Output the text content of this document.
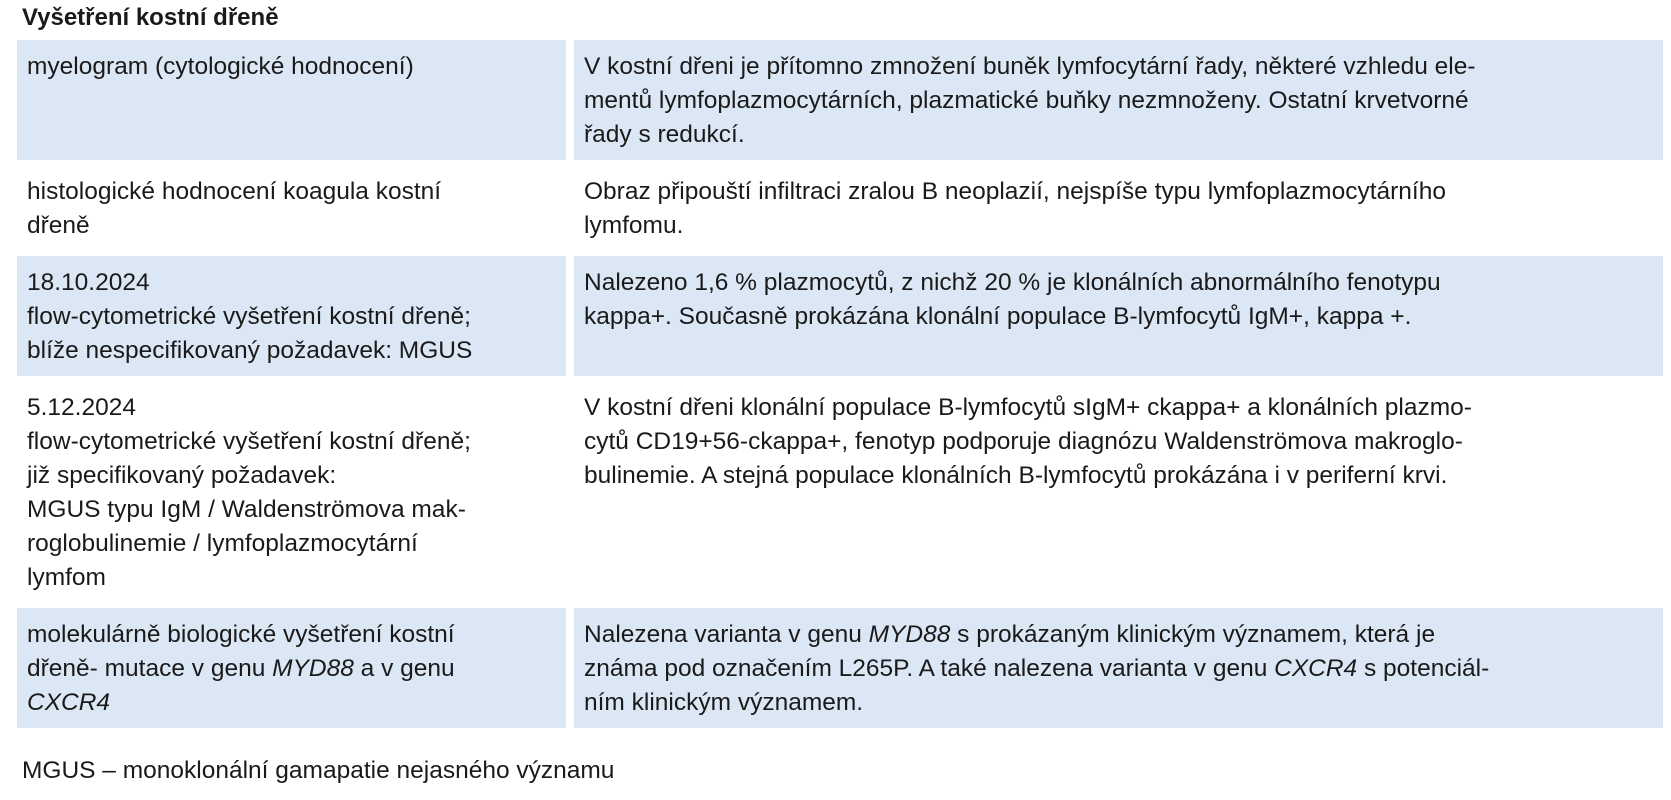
Vyšetření kostní dřeně
myelogram (cytologické hodnocení)	V kostní dřeni je přítomno zmnožení buněk lymfocytární řady, některé vzhledu ele-
mentů lymfoplazmocytárních, plazmatické buňky nezmnoženy. Ostatní krvetvorné
řady s redukcí.
histologické hodnocení koagula kostní
dřeně
Obraz připouští infiltraci zralou B neoplazií, nejspíše typu lymfoplazmocytárního
lymfomu.
18.10.2024
flow-cytometrické vyšetření kostní dřeně;
blíže nespecifikovaný požadavek: MGUS
Nalezeno 1,6 % plazmocytů, z nichž 20 % je klonálních abnormálního fenotypu
kappa+. Současně prokázána klonální populace B-lymfocytů IgM+, kappa +.
5.12.2024
flow-cytometrické vyšetření kostní dřeně;
již specifikovaný požadavek:
MGUS typu IgM / Waldenströmova mak-
roglobulinemie / lymfoplazmocytární
lymfom
V kostní dřeni klonální populace B-lymfocytů sIgM+ ckappa+ a klonálních plazmo-
cytů CD19+56-ckappa+, fenotyp podporuje diagnózu Waldenströmova makroglo-
bulinemie. A stejná populace klonálních B-lymfocytů prokázána i v periferní krvi.
molekulárně biologické vyšetření kostní
dřeně- mutace v genu MYD88 a v genu
CXCR4
Nalezena varianta v genu MYD88 s prokázaným klinickým významem, která je
známa pod označením L265P. A také nalezena varianta v genu CXCR4 s potenciál-
ním klinickým významem.
MGUS – monoklonální gamapatie nejasného významu
